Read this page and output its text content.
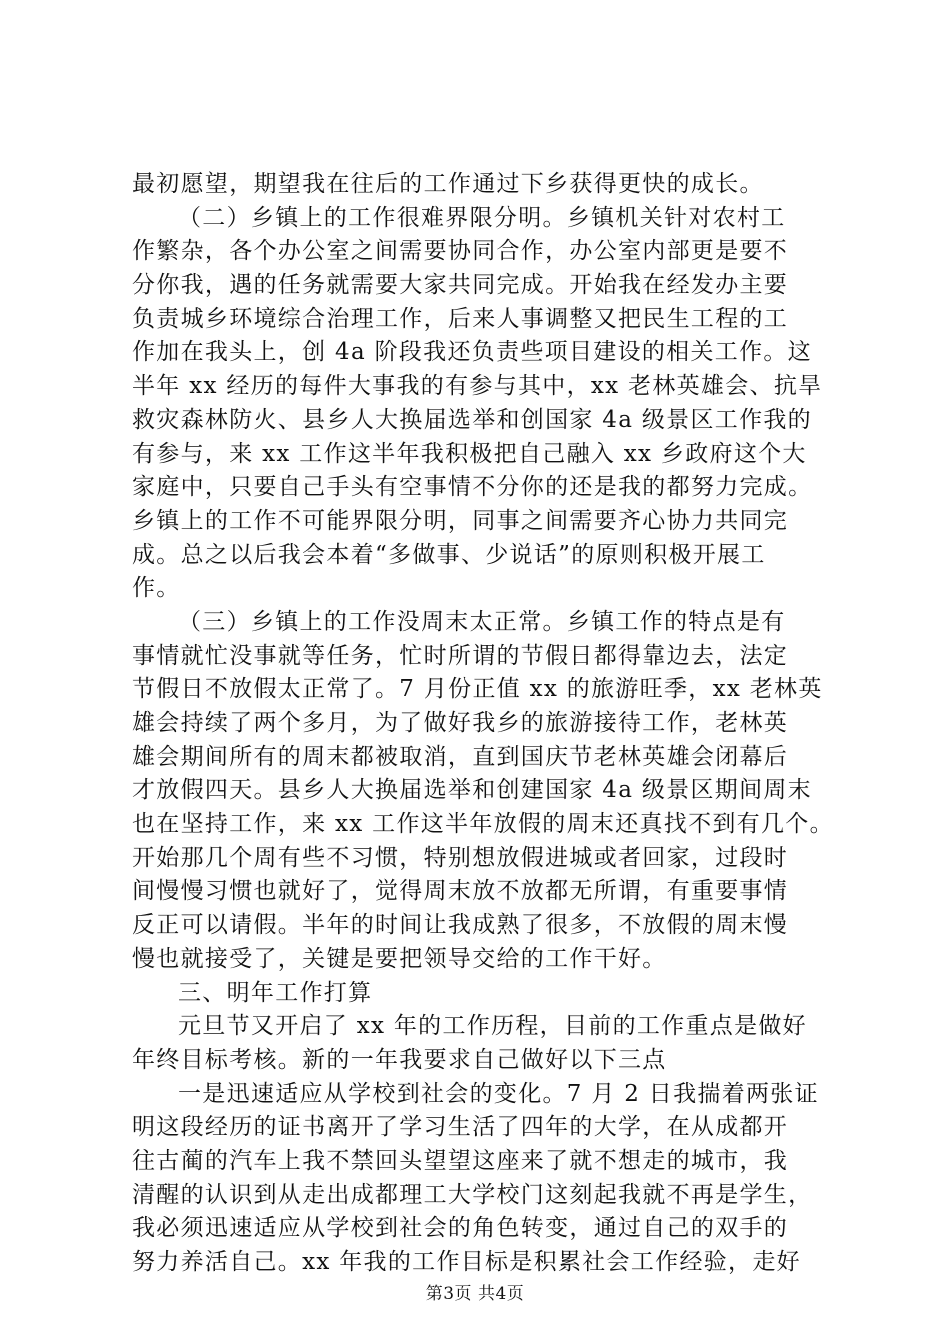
最初愿望，期望我在往后的工作通过下乡获得更快的成长。
（二）乡镇上的工作很难界限分明。乡镇机关针对农村工
作繁杂，各个办公室之间需要协同合作，办公室内部更是要不
分你我，遇的任务就需要大家共同完成。开始我在经发办主要
负责城乡环境综合治理工作，后来人事调整又把民生工程的工
作加在我头上，创 4a 阶段我还负责些项目建设的相关工作。这
半年 xx 经历的每件大事我的有参与其中，xx 老林英雄会、抗旱
救灾森林防火、县乡人大换届选举和创国家 4a 级景区工作我的
有参与，来 xx 工作这半年我积极把自己融入 xx 乡政府这个大
家庭中，只要自己手头有空事情不分你的还是我的都努力完成。
乡镇上的工作不可能界限分明，同事之间需要齐心协力共同完
成。总之以后我会本着“多做事、少说话”的原则积极开展工
作。
（三）乡镇上的工作没周末太正常。乡镇工作的特点是有
事情就忙没事就等任务，忙时所谓的节假日都得靠边去，法定
节假日不放假太正常了。7 月份正值 xx 的旅游旺季，xx 老林英
雄会持续了两个多月，为了做好我乡的旅游接待工作，老林英
雄会期间所有的周末都被取消，直到国庆节老林英雄会闭幕后
才放假四天。县乡人大换届选举和创建国家 4a 级景区期间周末
也在坚持工作，来 xx 工作这半年放假的周末还真找不到有几个。
开始那几个周有些不习惯，特别想放假进城或者回家，过段时
间慢慢习惯也就好了，觉得周末放不放都无所谓，有重要事情
反正可以请假。半年的时间让我成熟了很多，不放假的周末慢
慢也就接受了，关键是要把领导交给的工作干好。
三、明年工作打算
元旦节又开启了 xx 年的工作历程，目前的工作重点是做好
年终目标考核。新的一年我要求自己做好以下三点
一是迅速适应从学校到社会的变化。7 月 2 日我揣着两张证
明这段经历的证书离开了学习生活了四年的大学，在从成都开
往古蔺的汽车上我不禁回头望望这座来了就不想走的城市，我
清醒的认识到从走出成都理工大学校门这刻起我就不再是学生，
我必须迅速适应从学校到社会的角色转变，通过自己的双手的
努力养活自己。xx 年我的工作目标是积累社会工作经验，走好
第3页 共4页
